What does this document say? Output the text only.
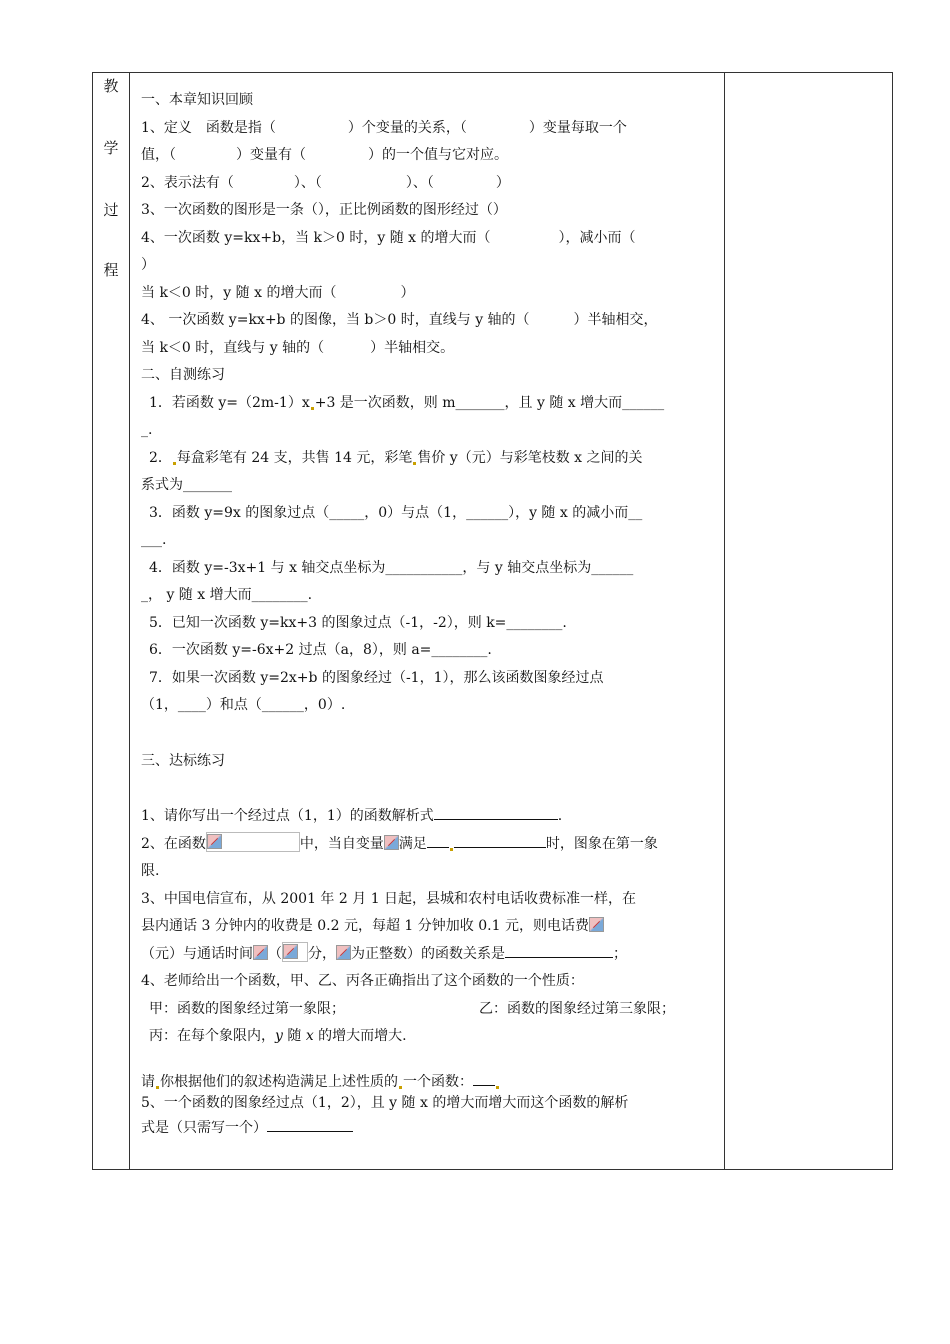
教
学
过
程
一、本章知识回顾
1、定义　函数是指（	）个变量的关系，（	）变量每取一个
值，（	）变量有（	）的一个值与它对应。
2、表示法有（	）、（	）、（	）
3、一次函数的图形是一条（），正比例函数的图形经过（）
4、一次函数 y=kx+b，当 k＞0 时，y 随 x 的增大而（	），减小而（
）
当 k＜0 时，y 随 x 的增大而（	）
4、 一次函数 y=kx+b 的图像，当 b＞0 时，直线与 y 轴的（	）半轴相交，
当 k＜0 时，直线与 y 轴的（	）半轴相交。
二、自测练习
1．若函数 y=（2m-1）x +3 是一次函数，则 m_______，且 y 随 x 增大而______
_.
2． 每盒彩笔有 24 支，共售 14 元，彩笔 售价 y（元）与彩笔枝数 x 之间的关
系式为_______
3．函数 y=9x 的图象过点（_____，0）与点（1，______），y 随 x 的减小而__
___.
4．函数 y=-3x+1 与 x 轴交点坐标为___________，与 y 轴交点坐标为______
_， y 随 x 增大而________.
5．已知一次函数 y=kx+3 的图象过点（-1，-2），则 k=________.
6．一次函数 y=-6x+2 过点（a，8），则 a=________.
7．如果一次函数 y=2x+b 的图象经过（-1，1），那么该函数图象经过点
（1，____）和点（______，0）.
三、达标练习
1、请你写出一个经过点（1，1）的函数解析式	.
2、在函数	中，当自变量 满足	时，图象在第一象
限.
3、中国电信宣布，从 2001 年 2 月 1 日起，县城和农村电话收费标准一样，在
县内通话 3 分钟内的收费是 0.2 元，每超 1 分钟加收 0.1 元，则电话费
（元）与通话时间 （ 分， 为正整数）的函数关系是	；
4、老师给出一个函数，甲、乙、丙各正确指出了这个函数的一个性质：
甲：函数的图象经过第一象限；	乙：函数的图象经过第三象限；
丙：在每个象限内，y 随 x 的增大而增大.
请 你根据他们的叙述构造满足上述性质的 一个函数：
5、一个函数的图象经过点（1，2），且 y 随 x 的增大而增大而这个函数的解析
式是（只需写一个）
